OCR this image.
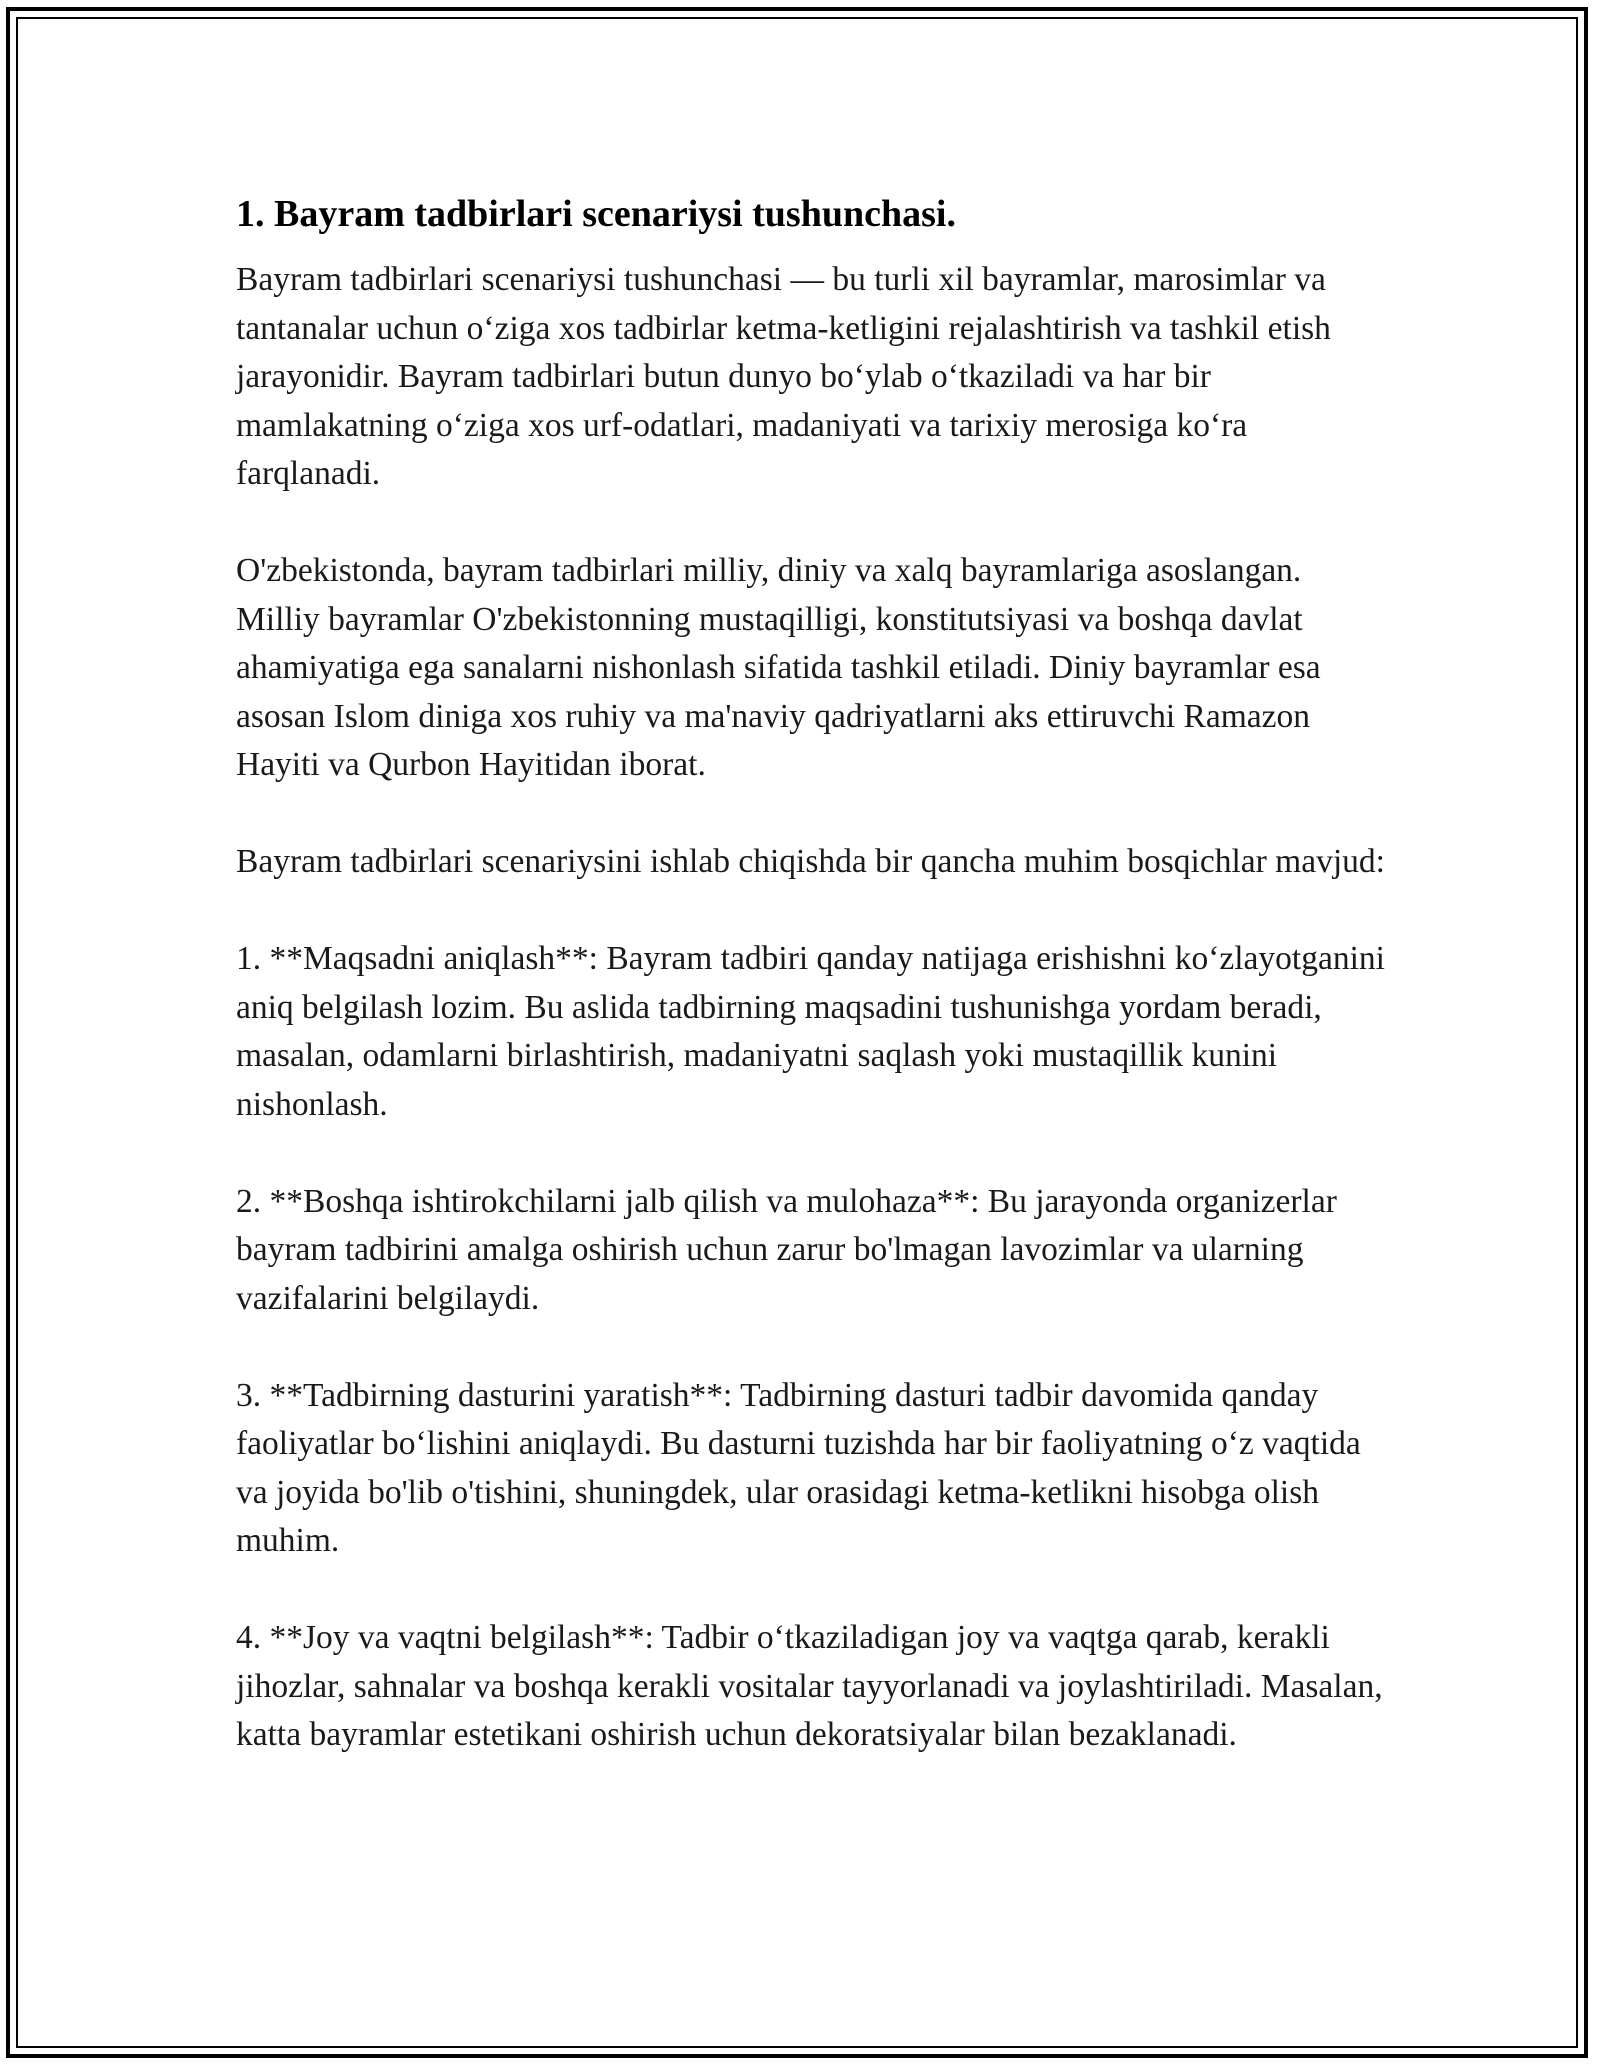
1. Bayram tadbirlari scenariysi tushunchasi.

Bayram tadbirlari scenariysi tushunchasi — bu turli xil bayramlar, marosimlar va tantanalar uchun oʻziga xos tadbirlar ketma-ketligini rejalashtirish va tashkil etish jarayonidir. Bayram tadbirlari butun dunyo boʻylab oʻtkaziladi va har bir mamlakatning oʻziga xos urf-odatlari, madaniyati va tarixiy merosiga koʻra farqlanadi.

O'zbekistonda, bayram tadbirlari milliy, diniy va xalq bayramlariga asoslangan. Milliy bayramlar O'zbekistonning mustaqilligi, konstitutsiyasi va boshqa davlat ahamiyatiga ega sanalarni nishonlash sifatida tashkil etiladi. Diniy bayramlar esa asosan Islom diniga xos ruhiy va ma'naviy qadriyatlarni aks ettiruvchi Ramazon Hayiti va Qurbon Hayitidan iborat.

Bayram tadbirlari scenariysini ishlab chiqishda bir qancha muhim bosqichlar mavjud:

1. **Maqsadni aniqlash**: Bayram tadbiri qanday natijaga erishishni koʻzlayotganini aniq belgilash lozim. Bu aslida tadbirning maqsadini tushunishga yordam beradi, masalan, odamlarni birlashtirish, madaniyatni saqlash yoki mustaqillik kunini nishonlash.

2. **Boshqa ishtirokchilarni jalb qilish va mulohaza**: Bu jarayonda organizerlar bayram tadbirini amalga oshirish uchun zarur bo'lmagan lavozimlar va ularning vazifalarini belgilaydi.

3. **Tadbirning dasturini yaratish**: Tadbirning dasturi tadbir davomida qanday faoliyatlar boʻlishini aniqlaydi. Bu dasturni tuzishda har bir faoliyatning oʻz vaqtida va joyida bo'lib o'tishini, shuningdek, ular orasidagi ketma-ketlikni hisobga olish muhim.

4. **Joy va vaqtni belgilash**: Tadbir oʻtkaziladigan joy va vaqtga qarab, kerakli jihozlar, sahnalar va boshqa kerakli vositalar tayyorlanadi va joylashtiriladi. Masalan, katta bayramlar estetikani oshirish uchun dekoratsiyalar bilan bezaklanadi.
